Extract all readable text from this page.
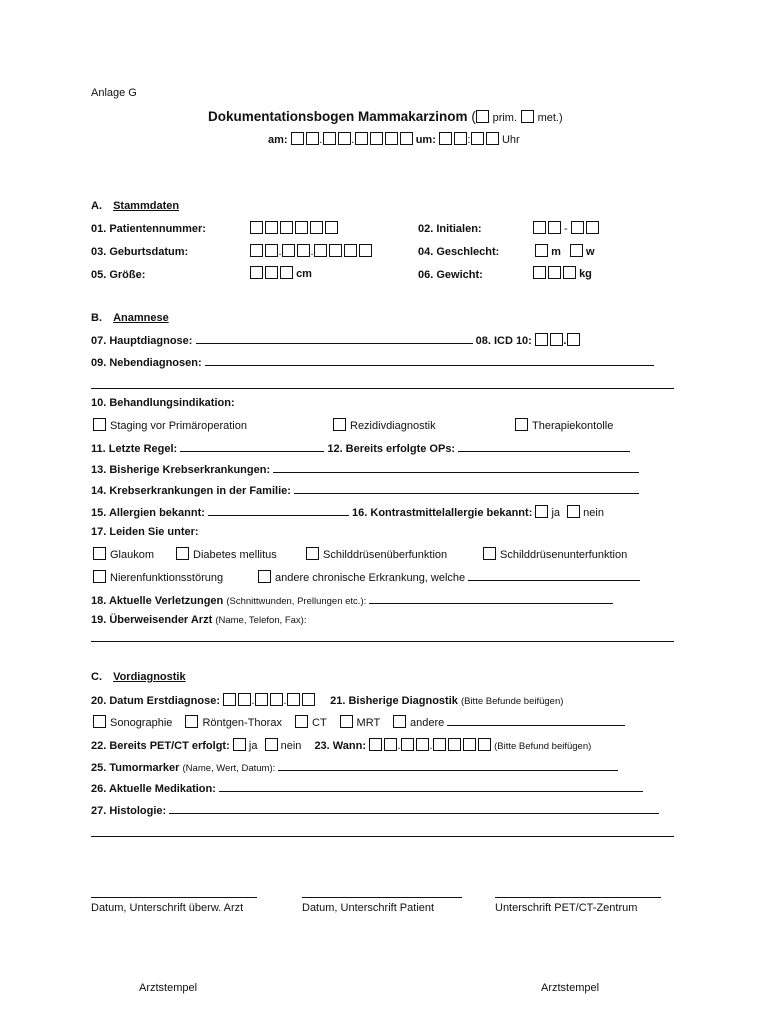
Anlage G
Dokumentationsbogen Mammakarzinom ( prim. met.)
am:	.	.	um:	:	Uhr
A. Stammdaten
01. Patientennummer:	02. Initialen:	-
03. Geburtsdatum:	.	.	04. Geschlecht:	m w
05. Größe:	cm	06. Gewicht:	kg
B. Anamnese
07. Hauptdiagnose:	08. ICD 10:	.
09. Nebendiagnosen:
10. Behandlungsindikation:
Staging vor Primäroperation	Rezidivdiagnostik	Therapiekontolle
11. Letzte Regel:	12. Bereits erfolgte OPs:
13. Bisherige Krebserkrankungen:
14. Krebserkrankungen in der Familie:
15. Allergien bekannt:	16. Kontrastmittelallergie bekannt: ja nein
17. Leiden Sie unter:
Glaukom	Diabetes mellitus	Schilddrüsenüberfunktion	Schilddrüsenunterfunktion
Nierenfunktionsstörung	andere chronische Erkrankung, welche
18. Aktuelle Verletzungen (Schnittwunden, Prellungen etc.):
19. Überweisender Arzt (Name, Telefon, Fax):
C. Vordiagnostik
20. Datum Erstdiagnose:	.	.	21. Bisherige Diagnostik (Bitte Befunde beifügen)
Sonographie	Röntgen-Thorax	CT	MRT	andere
22. Bereits PET/CT erfolgt: ja nein 23. Wann:	.	.	(Bitte Befund beifügen)
25. Tumormarker (Name, Wert, Datum):
26. Aktuelle Medikation:
27. Histologie:
Datum, Unterschrift überw. Arzt	Datum, Unterschrift Patient	Unterschrift PET/CT-Zentrum
Arztstempel	Arztstempel
